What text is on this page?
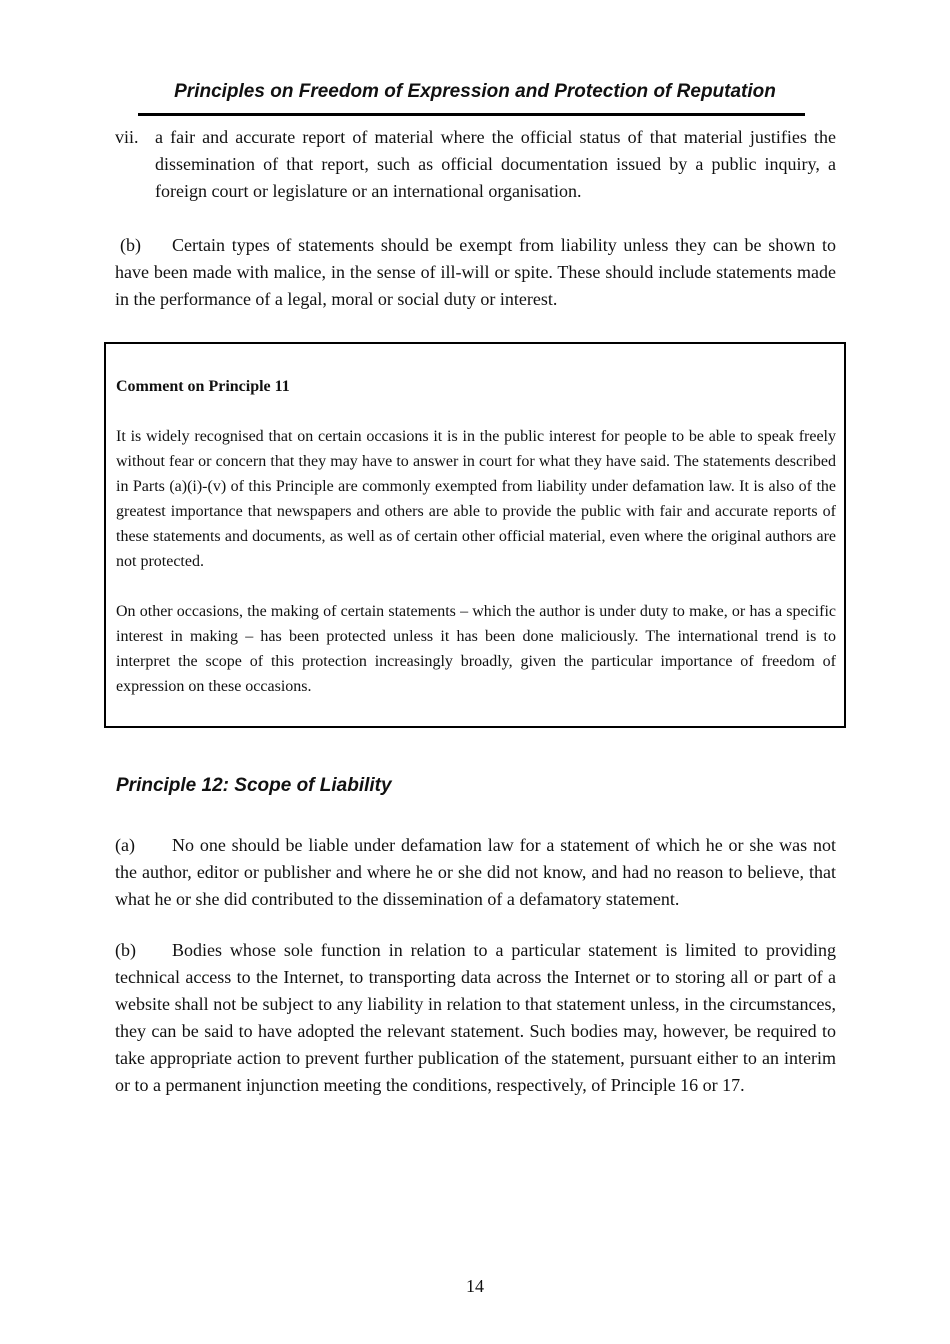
Principles on Freedom of Expression and Protection of Reputation
vii. a fair and accurate report of material where the official status of that material justifies the dissemination of that report, such as official documentation issued by a public inquiry, a foreign court or legislature or an international organisation.
(b) Certain types of statements should be exempt from liability unless they can be shown to have been made with malice, in the sense of ill-will or spite. These should include statements made in the performance of a legal, moral or social duty or interest.

Comment on Principle 11

It is widely recognised that on certain occasions it is in the public interest for people to be able to speak freely without fear or concern that they may have to answer in court for what they have said. The statements described in Parts (a)(i)-(v) of this Principle are commonly exempted from liability under defamation law. It is also of the greatest importance that newspapers and others are able to provide the public with fair and accurate reports of these statements and documents, as well as of certain other official material, even where the original authors are not protected.

On other occasions, the making of certain statements – which the author is under duty to make, or has a specific interest in making – has been protected unless it has been done maliciously. The international trend is to interpret the scope of this protection increasingly broadly, given the particular importance of freedom of expression on these occasions.

Principle 12: Scope of Liability
(a) No one should be liable under defamation law for a statement of which he or she was not the author, editor or publisher and where he or she did not know, and had no reason to believe, that what he or she did contributed to the dissemination of a defamatory statement.
(b) Bodies whose sole function in relation to a particular statement is limited to providing technical access to the Internet, to transporting data across the Internet or to storing all or part of a website shall not be subject to any liability in relation to that statement unless, in the circumstances, they can be said to have adopted the relevant statement. Such bodies may, however, be required to take appropriate action to prevent further publication of the statement, pursuant either to an interim or to a permanent injunction meeting the conditions, respectively, of Principle 16 or 17.
14
